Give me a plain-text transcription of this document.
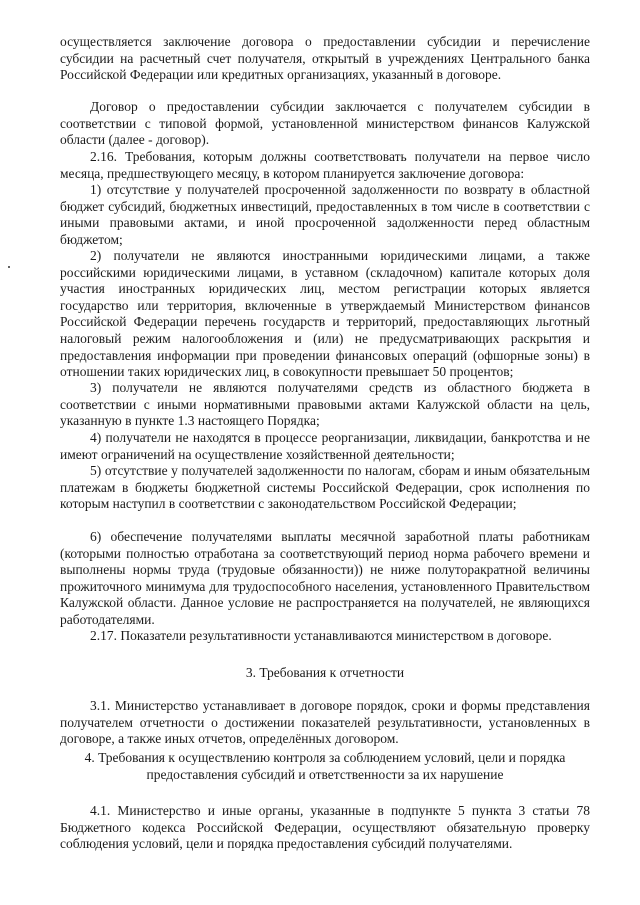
осуществляется заключение договора о предоставлении субсидии и перечисление субсидии на расчетный счет получателя, открытый в учреждениях Центрального банка Российской Федерации или кредитных организациях, указанный в договоре.

Договор о предоставлении субсидии заключается с получателем субсидии в соответствии с типовой формой, установленной министерством финансов Калужской области (далее - договор).

2.16. Требования, которым должны соответствовать получатели на первое число месяца, предшествующего месяцу, в котором планируется заключение договора:

1) отсутствие у получателей просроченной задолженности по возврату в областной бюджет субсидий, бюджетных инвестиций, предоставленных в том числе в соответствии с иными правовыми актами, и иной просроченной задолженности перед областным бюджетом;

2) получатели не являются иностранными юридическими лицами, а также российскими юридическими лицами, в уставном (складочном) капитале которых доля участия иностранных юридических лиц, местом регистрации которых является государство или территория, включенные в утверждаемый Министерством финансов Российской Федерации перечень государств и территорий, предоставляющих льготный налоговый режим налогообложения и (или) не предусматривающих раскрытия и предоставления информации при проведении финансовых операций (офшорные зоны) в отношении таких юридических лиц, в совокупности превышает 50 процентов;

3) получатели не являются получателями средств из областного бюджета в соответствии с иными нормативными правовыми актами Калужской области на цель, указанную в пункте 1.3 настоящего Порядка;

4) получатели не находятся в процессе реорганизации, ликвидации, банкротства и не имеют ограничений на осуществление хозяйственной деятельности;

5) отсутствие у получателей задолженности по налогам, сборам и иным обязательным платежам в бюджеты бюджетной системы Российской Федерации, срок исполнения по которым наступил в соответствии с законодательством Российской Федерации;

6) обеспечение получателями выплаты месячной заработной платы работникам (которыми полностью отработана за соответствующий период норма рабочего времени и выполнены нормы труда (трудовые обязанности)) не ниже полуторакратной величины прожиточного минимума для трудоспособного населения, установленного Правительством Калужской области. Данное условие не распространяется на получателей, не являющихся работодателями.

2.17. Показатели результативности устанавливаются министерством в договоре.

3. Требования к отчетности

3.1. Министерство устанавливает в договоре порядок, сроки и формы представления получателем отчетности о достижении показателей результативности, установленных в договоре, а также иных отчетов, определённых договором.

4. Требования к осуществлению контроля за соблюдением условий, цели и порядка предоставления субсидий и ответственности за их нарушение

4.1. Министерство и иные органы, указанные в подпункте 5 пункта 3 статьи 78 Бюджетного кодекса Российской Федерации, осуществляют обязательную проверку соблюдения условий, цели и порядка предоставления субсидий получателями.
